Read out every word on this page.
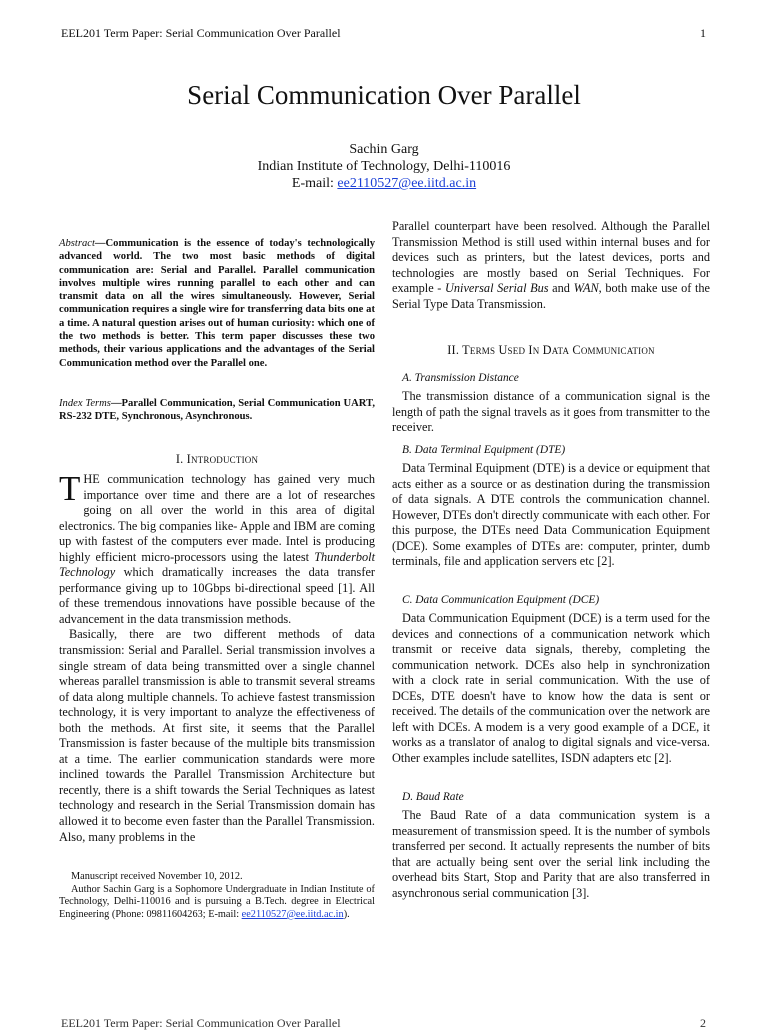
EEL201 Term Paper: Serial Communication Over Parallel	1
Serial Communication Over Parallel
Sachin Garg
Indian Institute of Technology, Delhi-110016
E-mail: ee2110527@ee.iitd.ac.in
Abstract—Communication is the essence of today's technologically advanced world. The two most basic methods of digital communication are: Serial and Parallel. Parallel communication involves multiple wires running parallel to each other and can transmit data on all the wires simultaneously. However, Serial communication requires a single wire for transferring data bits one at a time. A natural question arises out of human curiosity: which one of the two methods is better. This term paper discusses these two methods, their various applications and the advantages of the Serial Communication method over the Parallel one.
Index Terms—Parallel Communication, Serial Communication UART, RS-232 DTE, Synchronous, Asynchronous.
I. Introduction

THE communication technology has gained very much importance over time and there are a lot of researches going on all over the world in this area of digital electronics. The big companies like- Apple and IBM are coming up with fastest of the computers ever made. Intel is producing highly efficient micro-processors using the latest Thunderbolt Technology which dramatically increases the data transfer performance giving up to 10Gbps bi-directional speed [1]. All of these tremendous innovations have possible because of the advancement in the data transmission methods.

Basically, there are two different methods of data transmission: Serial and Parallel. Serial transmission involves a single stream of data being transmitted over a single channel whereas parallel transmission is able to transmit several streams of data along multiple channels. To achieve fastest transmission technology, it is very important to analyze the effectiveness of both the methods. At first site, it seems that the Parallel Transmission is faster because of the multiple bits transmission at a time. The earlier communication standards were more inclined towards the Parallel Transmission Architecture but recently, there is a shift towards the Serial Techniques as latest technology and research in the Serial Transmission domain has allowed it to become even faster than the Parallel Transmission. Also, many problems in the

Manuscript received November 10, 2012.

Author Sachin Garg is a Sophomore Undergraduate in Indian Institute of Technology, Delhi-110016 and is pursuing a B.Tech. degree in Electrical Engineering (Phone: 09811604263; E-mail: ee2110527@ee.iitd.ac.in).

Parallel counterpart have been resolved. Although the Parallel Transmission Method is still used within internal buses and for devices such as printers, but the latest devices, ports and technologies are mostly based on Serial Techniques. For example - Universal Serial Bus and WAN, both make use of the Serial Type Data Transmission.

II. Terms Used In Data Communication
A. Transmission Distance

The transmission distance of a communication signal is the length of path the signal travels as it goes from transmitter to the receiver.

B. Data Terminal Equipment (DTE)

Data Terminal Equipment (DTE) is a device or equipment that acts either as a source or as destination during the transmission of data signals. A DTE controls the communication channel. However, DTEs don't directly communicate with each other. For this purpose, the DTEs need Data Communication Equipment (DCE). Some examples of DTEs are: computer, printer, dumb terminals, file and application servers etc [2].

C. Data Communication Equipment (DCE)

Data Communication Equipment (DCE) is a term used for the devices and connections of a communication network which transmit or receive data signals, thereby, completing the communication network. DCEs also help in synchronization with a clock rate in serial communication. With the use of DCEs, DTE doesn't have to know how the data is sent or received. The details of the communication over the network are left with DCEs. A modem is a very good example of a DCE, it works as a translator of analog to digital signals and vice-versa. Other examples include satellites, ISDN adapters etc [2].

D. Baud Rate

The Baud Rate of a data communication system is a measurement of transmission speed. It is the number of symbols transferred per second. It actually represents the number of bits that are actually being sent over the serial link including the overhead bits Start, Stop and Parity that are also transferred in asynchronous serial communication [3].

EEL201 Term Paper: Serial Communication Over Parallel	2
